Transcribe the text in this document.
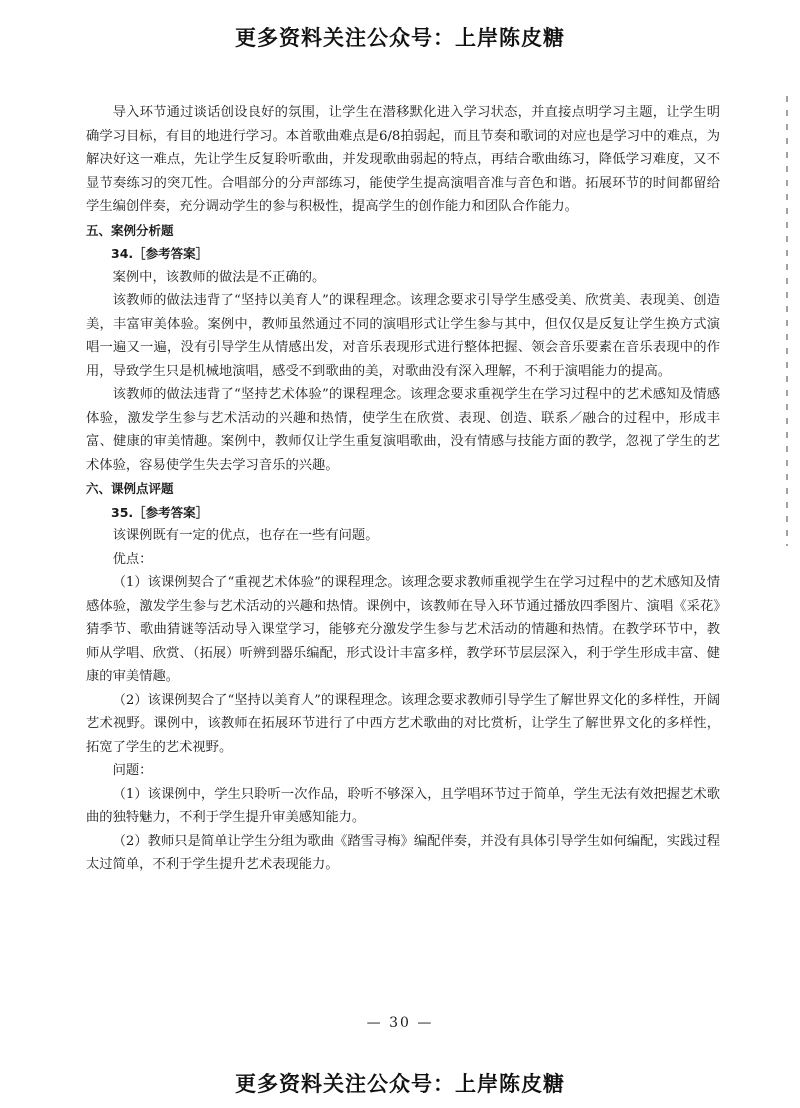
更多资料关注公众号：上岸陈皮糖

导入环节通过谈话创设良好的氛围，让学生在潜移默化进入学习状态，并直接点明学习主题，让学生明确学习目标，有目的地进行学习。本首歌曲难点是6/8拍弱起，而且节奏和歌词的对应也是学习中的难点，为解决好这一难点，先让学生反复聆听歌曲，并发现歌曲弱起的特点，再结合歌曲练习，降低学习难度，又不显节奏练习的突兀性。合唱部分的分声部练习，能使学生提高演唱音准与音色和谐。拓展环节的时间都留给学生编创伴奏，充分调动学生的参与积极性，提高学生的创作能力和团队合作能力。

五、案例分析题

34.［参考答案］

案例中，该教师的做法是不正确的。

该教师的做法违背了“坚持以美育人”的课程理念。该理念要求引导学生感受美、欣赏美、表现美、创造美，丰富审美体验。案例中，教师虽然通过不同的演唱形式让学生参与其中，但仅仅是反复让学生换方式演唱一遍又一遍，没有引导学生从情感出发，对音乐表现形式进行整体把握、领会音乐要素在音乐表现中的作用，导致学生只是机械地演唱，感受不到歌曲的美，对歌曲没有深入理解，不利于演唱能力的提高。

该教师的做法违背了“坚持艺术体验”的课程理念。该理念要求重视学生在学习过程中的艺术感知及情感体验，激发学生参与艺术活动的兴趣和热情，使学生在欣赏、表现、创造、联系／融合的过程中，形成丰富、健康的审美情趣。案例中，教师仅让学生重复演唱歌曲，没有情感与技能方面的教学，忽视了学生的艺术体验，容易使学生失去学习音乐的兴趣。

六、课例点评题

35.［参考答案］

该课例既有一定的优点，也存在一些有问题。

优点：

（1）该课例契合了“重视艺术体验”的课程理念。该理念要求教师重视学生在学习过程中的艺术感知及情感体验，激发学生参与艺术活动的兴趣和热情。课例中，该教师在导入环节通过播放四季图片、演唱《采花》猜季节、歌曲猜谜等活动导入课堂学习，能够充分激发学生参与艺术活动的情趣和热情。在教学环节中，教师从学唱、欣赏、（拓展）听辨到器乐编配，形式设计丰富多样，教学环节层层深入，利于学生形成丰富、健康的审美情趣。

（2）该课例契合了“坚持以美育人”的课程理念。该理念要求教师引导学生了解世界文化的多样性，开阔艺术视野。课例中，该教师在拓展环节进行了中西方艺术歌曲的对比赏析，让学生了解世界文化的多样性，拓宽了学生的艺术视野。

问题：

（1）该课例中，学生只聆听一次作品，聆听不够深入，且学唱环节过于简单，学生无法有效把握艺术歌曲的独特魅力，不利于学生提升审美感知能力。

（2）教师只是简单让学生分组为歌曲《踏雪寻梅》编配伴奏，并没有具体引导学生如何编配，实践过程太过简单，不利于学生提升艺术表现能力。

— 30 —
更多资料关注公众号：上岸陈皮糖
